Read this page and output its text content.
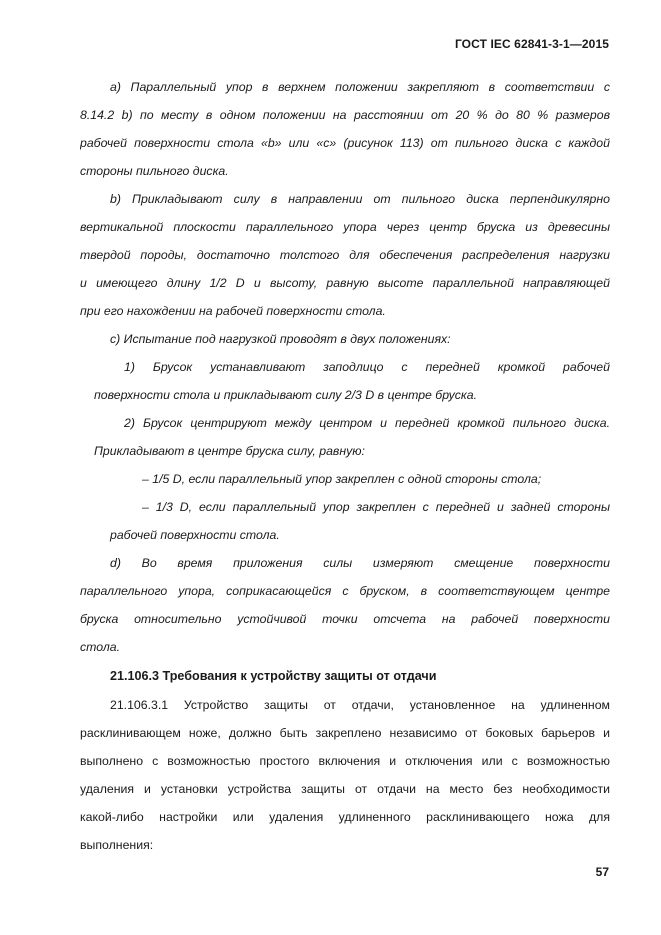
ГОСТ IEC 62841-3-1—2015
a) Параллельный упор в верхнем положении закрепляют в соответствии с
8.14.2 b) по месту в одном положении на расстоянии от 20 % до 80 % размеров
рабочей поверхности стола «b» или «с» (рисунок 113) от пильного диска с каждой
стороны пильного диска.
b) Прикладывают силу в направлении от пильного диска перпендикулярно
вертикальной плоскости параллельного упора через центр бруска из древесины
твердой породы, достаточно толстого для обеспечения распределения нагрузки
и имеющего длину 1/2 D и высоту, равную высоте параллельной направляющей
при его нахождении на рабочей поверхности стола.
с) Испытание под нагрузкой проводят в двух положениях:
1) Брусок устанавливают заподлицо с передней кромкой рабочей
поверхности стола и прикладывают силу 2/3 D в центре бруска.
2) Брусок центрируют между центром и передней кромкой пильного диска.
Прикладывают в центре бруска силу, равную:
– 1/5 D, если параллельный упор закреплен с одной стороны стола;
– 1/3 D, если параллельный упор закреплен с передней и задней стороны
рабочей поверхности стола.
d) Во время приложения силы измеряют смещение поверхности
параллельного упора, соприкасающейся с бруском, в соответствующем центре
бруска относительно устойчивой точки отсчета на рабочей поверхности
стола.
21.106.3 Требования к устройству защиты от отдачи
21.106.3.1 Устройство защиты от отдачи, установленное на удлиненном
расклинивающем ноже, должно быть закреплено независимо от боковых барьеров и
выполнено с возможностью простого включения и отключения или с возможностью
удаления и установки устройства защиты от отдачи на место без необходимости
какой-либо настройки или удаления удлиненного расклинивающего ножа для
выполнения:
57
